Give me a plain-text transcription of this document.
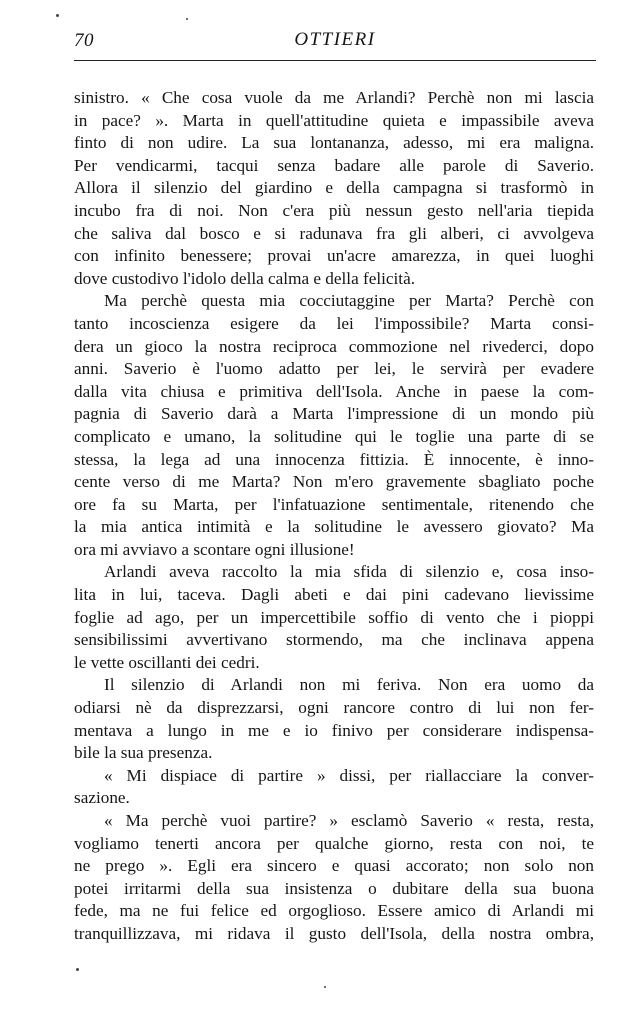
70	OTTIERI
sinistro. « Che cosa vuole da me Arlandi? Perchè non mi lascia
in pace? ». Marta in quell'attitudine quieta e impassibile aveva
finto di non udire. La sua lontananza, adesso, mi era maligna.
Per vendicarmi, tacqui senza badare alle parole di Saverio.
Allora il silenzio del giardino e della campagna si trasformò in
incubo fra di noi. Non c'era più nessun gesto nell'aria tiepida
che saliva dal bosco e si radunava fra gli alberi, ci avvolgeva
con infinito benessere; provai un'acre amarezza, in quei luoghi
dove custodivo l'idolo della calma e della felicità.
Ma perchè questa mia cocciutaggine per Marta? Perchè con
tanto incoscienza esigere da lei l'impossibile? Marta consi-
dera un gioco la nostra reciproca commozione nel rivederci, dopo
anni. Saverio è l'uomo adatto per lei, le servirà per evadere
dalla vita chiusa e primitiva dell'Isola. Anche in paese la com-
pagnia di Saverio darà a Marta l'impressione di un mondo più
complicato e umano, la solitudine qui le toglie una parte di se
stessa, la lega ad una innocenza fittizia. È innocente, è inno-
cente verso di me Marta? Non m'ero gravemente sbagliato poche
ore fa su Marta, per l'infatuazione sentimentale, ritenendo che
la mia antica intimità e la solitudine le avessero giovato? Ma
ora mi avviavo a scontare ogni illusione!
Arlandi aveva raccolto la mia sfida di silenzio e, cosa inso-
lita in lui, taceva. Dagli abeti e dai pini cadevano lievissime
foglie ad ago, per un impercettibile soffio di vento che i pioppi
sensibilissimi avvertivano stormendo, ma che inclinava appena
le vette oscillanti dei cedri.
Il silenzio di Arlandi non mi feriva. Non era uomo da
odiarsi nè da disprezzarsi, ogni rancore contro di lui non fer-
mentava a lungo in me e io finivo per considerare indispensa-
bile la sua presenza.
« Mi dispiace di partire » dissi, per riallacciare la conver-
sazione.
« Ma perchè vuoi partire? » esclamò Saverio « resta, resta,
vogliamo tenerti ancora per qualche giorno, resta con noi, te
ne prego ». Egli era sincero e quasi accorato; non solo non
potei irritarmi della sua insistenza o dubitare della sua buona
fede, ma ne fui felice ed orgoglioso. Essere amico di Arlandi mi
tranquillizzava, mi ridava il gusto dell'Isola, della nostra ombra,
